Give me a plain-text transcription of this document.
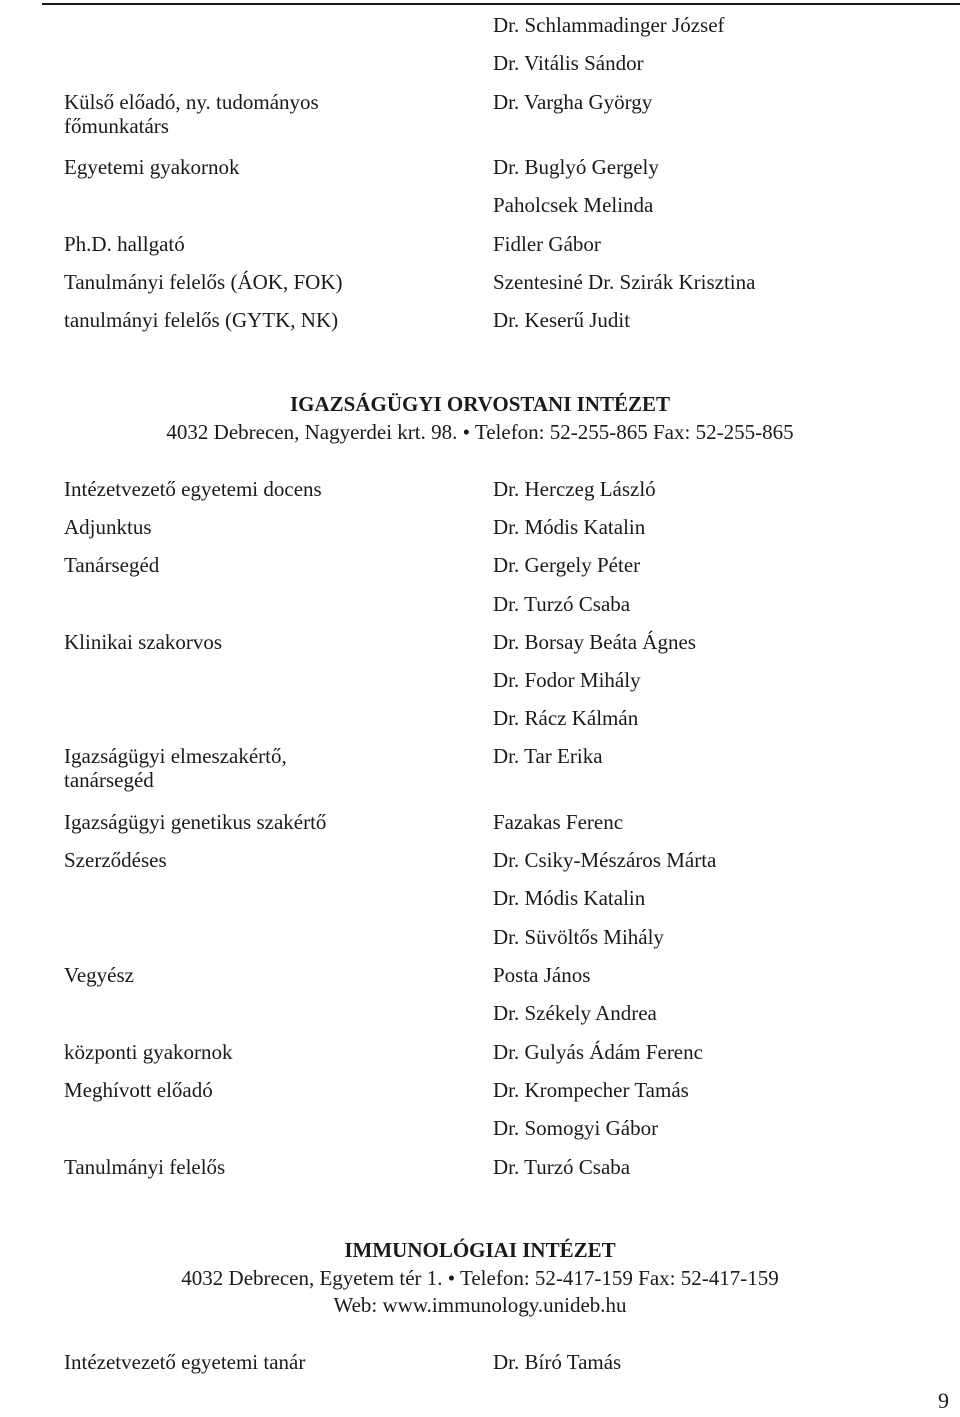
Külső előadó, ny. tudományos
főmunkatárs
Egyetemi gyakornok
Ph.D. hallgató
Tanulmányi felelős (ÁOK, FOK)
tanulmányi felelős (GYTK, NK)
Dr. Schlammadinger József
Dr. Vitális Sándor
Dr. Vargha György
Dr. Buglyó Gergely
Paholcsek Melinda
Fidler Gábor
Szentesiné Dr. Szirák Krisztina
Dr. Keserű Judit
IGAZSÁGÜGYI ORVOSTANI INTÉZET
4032 Debrecen, Nagyerdei krt. 98. • Telefon: 52-255-865 Fax: 52-255-865
Intézetvezető egyetemi docens
Adjunktus
Tanársegéd
Klinikai szakorvos
Igazságügyi elmeszakértő,
tanársegéd
Igazságügyi genetikus szakértő
Szerződéses
Vegyész
központi gyakornok
Meghívott előadó
Tanulmányi felelős
Dr. Herczeg László
Dr. Módis Katalin
Dr. Gergely Péter
Dr. Turzó Csaba
Dr. Borsay Beáta Ágnes
Dr. Fodor Mihály
Dr. Rácz Kálmán
Dr. Tar Erika
Fazakas Ferenc
Dr. Csiky-Mészáros Márta
Dr. Módis Katalin
Dr. Süvöltős Mihály
Posta János
Dr. Székely Andrea
Dr. Gulyás Ádám Ferenc
Dr. Krompecher Tamás
Dr. Somogyi Gábor
Dr. Turzó Csaba
IMMUNOLÓGIAI INTÉZET
4032 Debrecen, Egyetem tér 1. • Telefon: 52-417-159 Fax: 52-417-159
Web: www.immunology.unideb.hu
Intézetvezető egyetemi tanár	Dr. Bíró Tamás
9
